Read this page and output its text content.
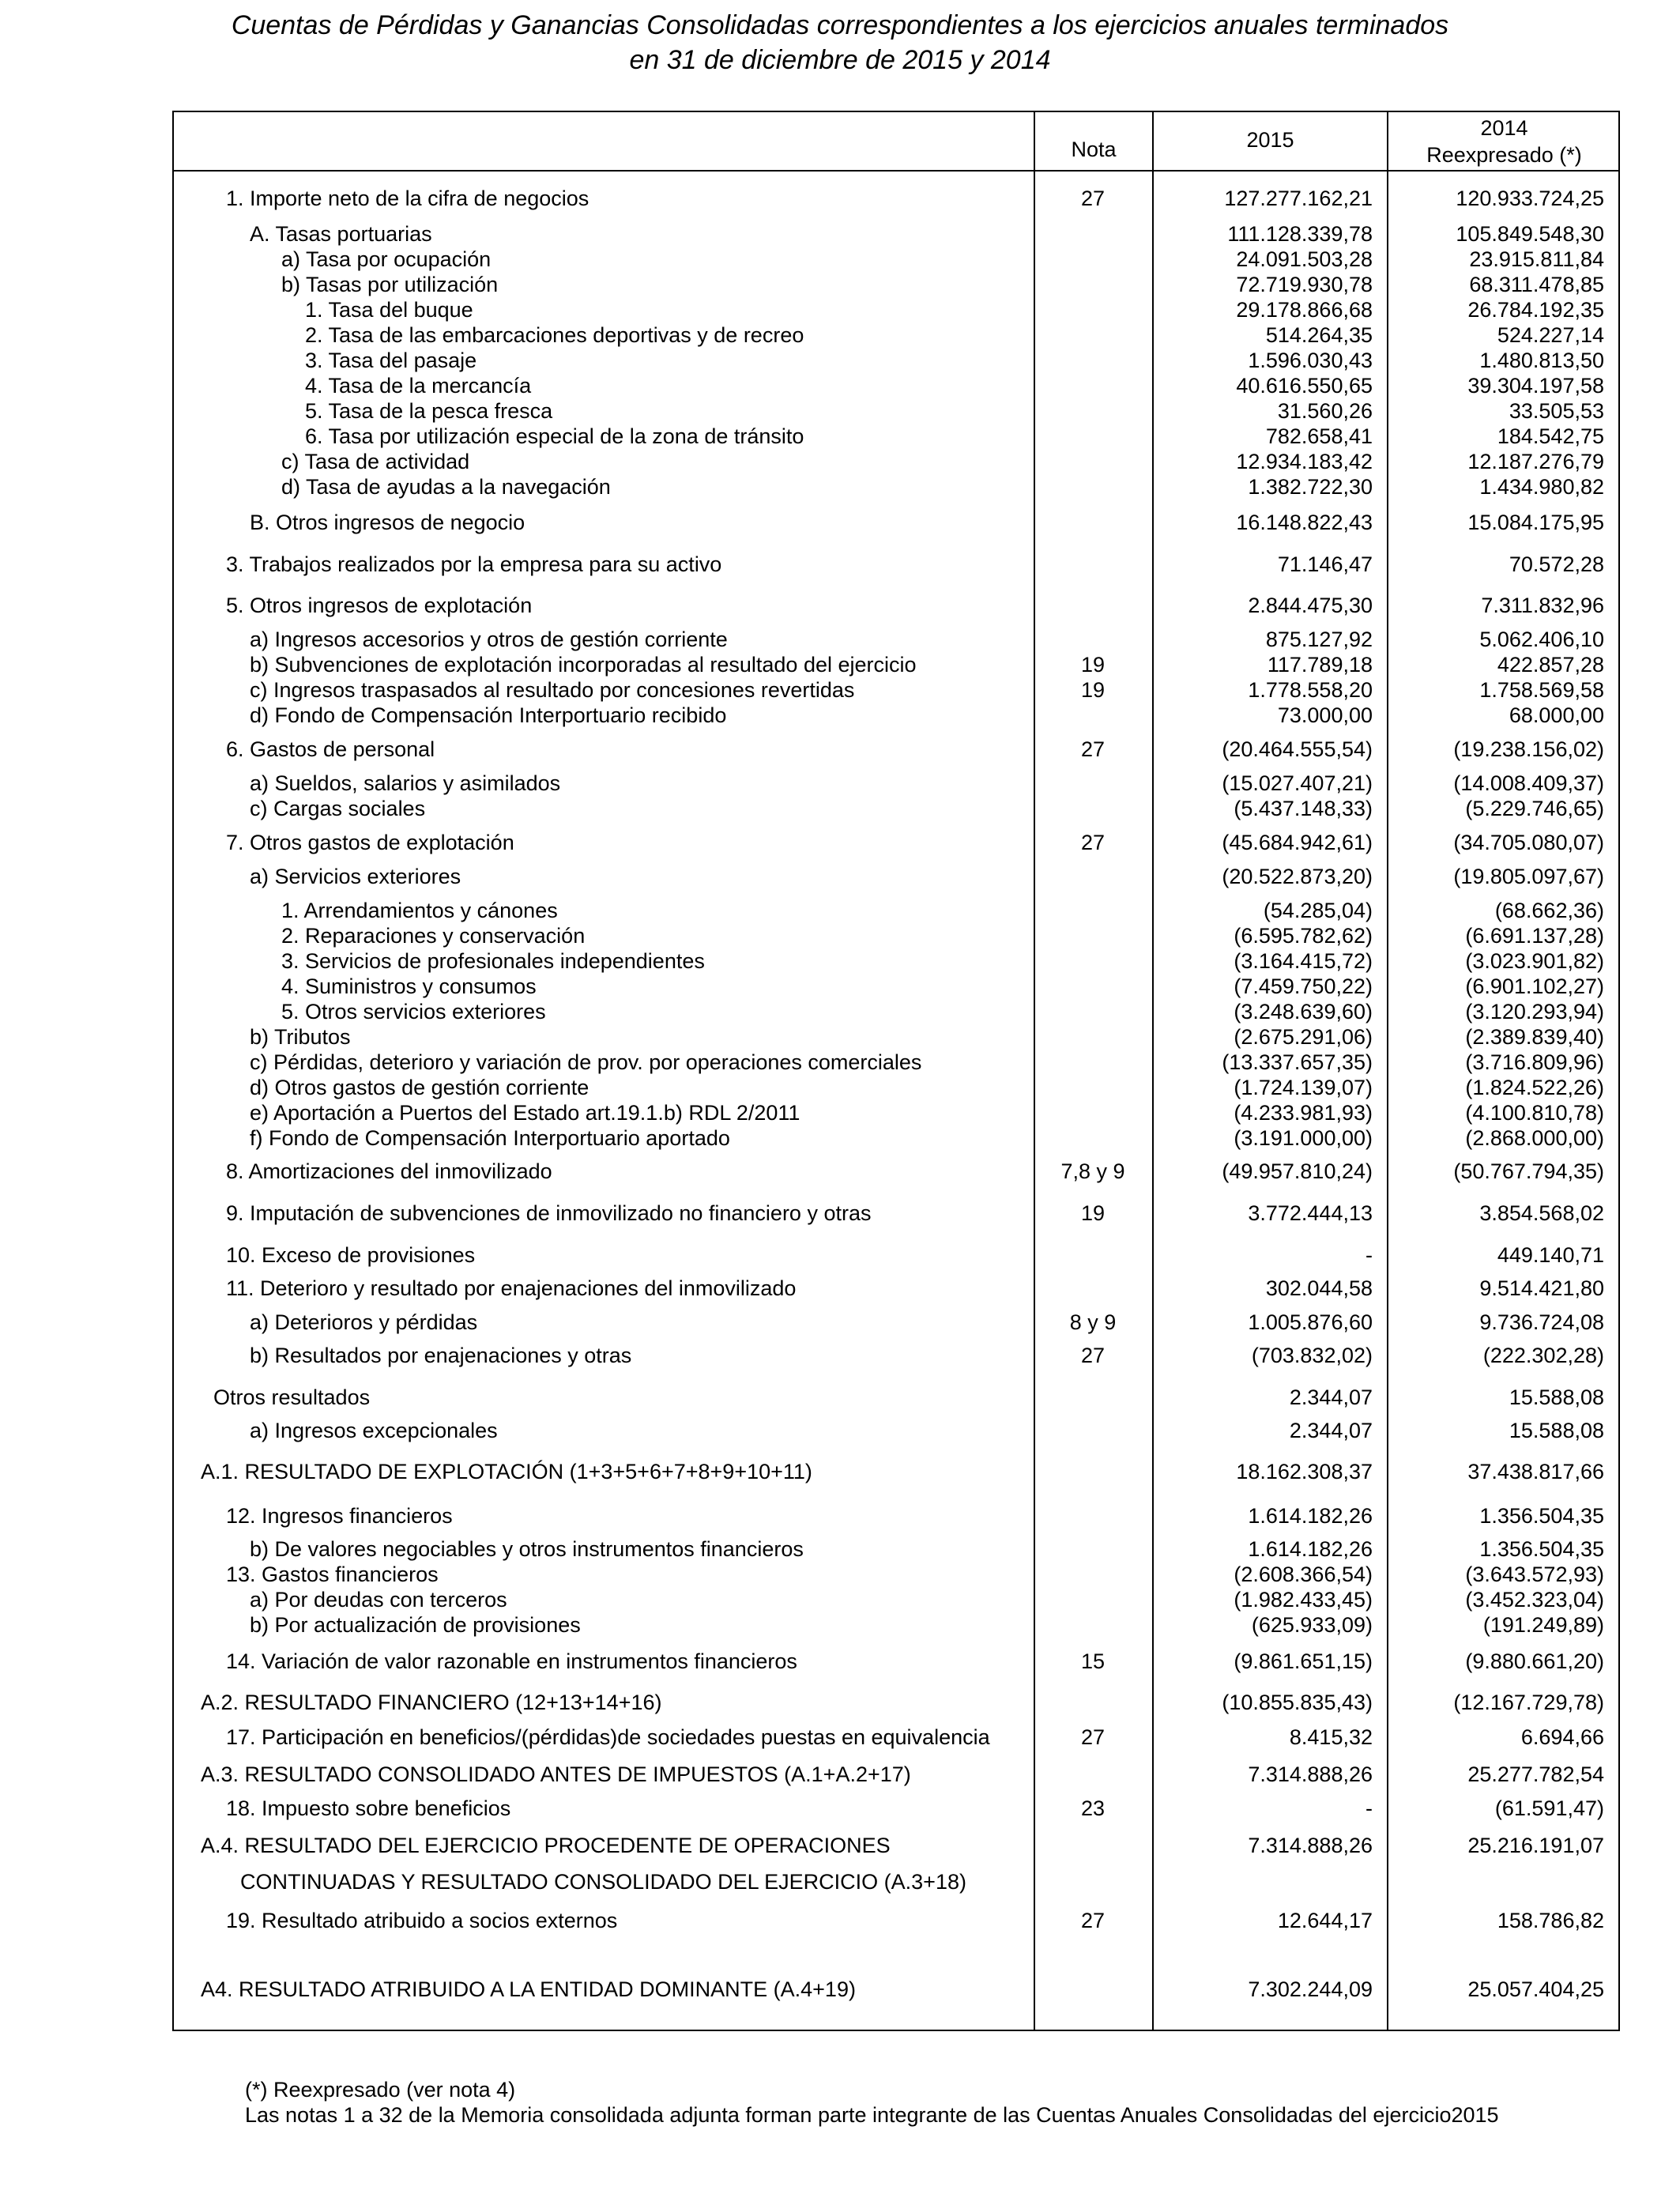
Cuentas de Pérdidas y Ganancias Consolidadas correspondientes a los ejercicios anuales terminados
en 31 de diciembre de 2015 y 2014
Nota	2015	2014
Reexpresado (*)
1. Importe neto de la cifra de negocios	27	127.277.162,21	120.933.724,25
A. Tasas portuarias	111.128.339,78	105.849.548,30
a) Tasa por ocupación	24.091.503,28	23.915.811,84
b) Tasas por utilización	72.719.930,78	68.311.478,85
1. Tasa del buque	29.178.866,68	26.784.192,35
2. Tasa de las embarcaciones deportivas y de recreo	514.264,35	524.227,14
3. Tasa del pasaje	1.596.030,43	1.480.813,50
4. Tasa de la mercancía	40.616.550,65	39.304.197,58
5. Tasa de la pesca fresca	31.560,26	33.505,53
6. Tasa por utilización especial de la zona de tránsito	782.658,41	184.542,75
c) Tasa de actividad	12.934.183,42	12.187.276,79
d) Tasa de ayudas a la navegación	1.382.722,30	1.434.980,82
B. Otros ingresos de negocio	16.148.822,43	15.084.175,95
3. Trabajos realizados por la empresa para su activo	71.146,47	70.572,28
5. Otros ingresos de explotación	2.844.475,30	7.311.832,96
a) Ingresos accesorios y otros de gestión corriente	875.127,92	5.062.406,10
b) Subvenciones de explotación incorporadas al resultado del ejercicio	19	117.789,18	422.857,28
c) Ingresos traspasados al resultado por concesiones revertidas	19	1.778.558,20	1.758.569,58
d) Fondo de Compensación Interportuario recibido	73.000,00	68.000,00
6. Gastos de personal	27	(20.464.555,54)	(19.238.156,02)
a) Sueldos, salarios y asimilados	(15.027.407,21)	(14.008.409,37)
c) Cargas sociales	(5.437.148,33)	(5.229.746,65)
7. Otros gastos de explotación	27	(45.684.942,61)	(34.705.080,07)
a) Servicios exteriores	(20.522.873,20)	(19.805.097,67)
1. Arrendamientos y cánones	(54.285,04)	(68.662,36)
2. Reparaciones y conservación	(6.595.782,62)	(6.691.137,28)
3. Servicios de profesionales independientes	(3.164.415,72)	(3.023.901,82)
4. Suministros y consumos	(7.459.750,22)	(6.901.102,27)
5. Otros servicios exteriores	(3.248.639,60)	(3.120.293,94)
b) Tributos	(2.675.291,06)	(2.389.839,40)
c) Pérdidas, deterioro y variación de prov. por operaciones comerciales	(13.337.657,35)	(3.716.809,96)
d) Otros gastos de gestión corriente	(1.724.139,07)	(1.824.522,26)
e) Aportación a Puertos del Estado art.19.1.b) RDL 2/2011	(4.233.981,93)	(4.100.810,78)
f) Fondo de Compensación Interportuario aportado	(3.191.000,00)	(2.868.000,00)
8. Amortizaciones del inmovilizado	7,8 y 9	(49.957.810,24)	(50.767.794,35)
9. Imputación de subvenciones de inmovilizado no financiero y otras	19	3.772.444,13	3.854.568,02
10. Exceso de provisiones	-	449.140,71
11. Deterioro y resultado por enajenaciones del inmovilizado	302.044,58	9.514.421,80
a) Deterioros y pérdidas	8 y 9	1.005.876,60	9.736.724,08
b) Resultados por enajenaciones y otras	27	(703.832,02)	(222.302,28)
Otros resultados	2.344,07	15.588,08
a) Ingresos excepcionales	2.344,07	15.588,08
A.1. RESULTADO DE EXPLOTACIÓN (1+3+5+6+7+8+9+10+11)	18.162.308,37	37.438.817,66
12. Ingresos financieros	1.614.182,26	1.356.504,35
b) De valores negociables y otros instrumentos financieros	1.614.182,26	1.356.504,35
13. Gastos financieros	(2.608.366,54)	(3.643.572,93)
a) Por deudas con terceros	(1.982.433,45)	(3.452.323,04)
b) Por actualización de provisiones	(625.933,09)	(191.249,89)
14. Variación de valor razonable en instrumentos financieros	15	(9.861.651,15)	(9.880.661,20)
A.2. RESULTADO FINANCIERO (12+13+14+16)	(10.855.835,43)	(12.167.729,78)
17. Participación en beneficios/(pérdidas)de sociedades puestas en equivalencia	27	8.415,32	6.694,66
A.3. RESULTADO CONSOLIDADO ANTES DE IMPUESTOS (A.1+A.2+17)	7.314.888,26	25.277.782,54
18. Impuesto sobre beneficios	23	-	(61.591,47)
A.4. RESULTADO DEL EJERCICIO PROCEDENTE DE OPERACIONES	7.314.888,26	25.216.191,07
CONTINUADAS Y RESULTADO CONSOLIDADO DEL EJERCICIO (A.3+18)
19. Resultado atribuido a socios externos	27	12.644,17	158.786,82
A4. RESULTADO ATRIBUIDO A LA ENTIDAD DOMINANTE (A.4+19)	7.302.244,09	25.057.404,25
(*) Reexpresado (ver nota 4)
Las notas 1 a 32 de la Memoria consolidada adjunta forman parte integrante de las Cuentas Anuales Consolidadas del ejercicio2015
